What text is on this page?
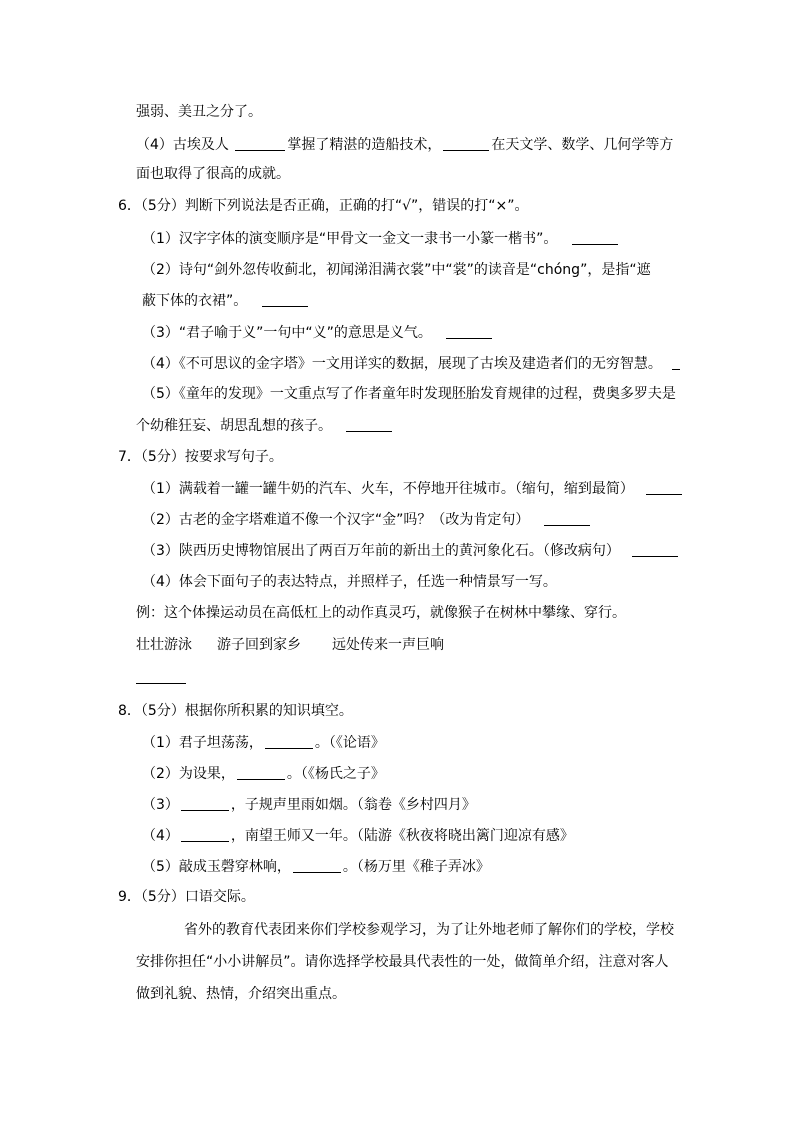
强弱、美丑之分了。
（4）古埃及人	掌握了精湛的造船技术，	在天文学、数学、几何学等方
面也取得了很高的成就。
6．（5分）判断下列说法是否正确，正确的打“√”，错误的打“×”。
（1）汉字字体的演变顺序是“甲骨文一金文一隶书一小篆一楷书”。
（2）诗句“剑外忽传收蓟北，初闻涕泪满衣裳”中“裳”的读音是“chóng”，是指“遮
蔽下体的衣裙”。
（3）“君子喻于义”一句中“义”的意思是义气。
（4）《不可思议的金字塔》一文用详实的数据，展现了古埃及建造者们的无穷智慧。
（5）《童年的发现》一文重点写了作者童年时发现胚胎发育规律的过程，费奥多罗夫是
个幼稚狂妄、胡思乱想的孩子。
7．（5分）按要求写句子。
（1）满载着一罐一罐牛奶的汽车、火车，不停地开往城市。（缩句，缩到最简）
（2）古老的金字塔难道不像一个汉字“金”吗？（改为肯定句）
（3）陕西历史博物馆展出了两百万年前的新出土的黄河象化石。（修改病句）
（4）体会下面句子的表达特点，并照样子，任选一种情景写一写。
例：这个体操运动员在高低杠上的动作真灵巧，就像猴子在树林中攀缘、穿行。
壮壮游泳 游子回到家乡 远处传来一声巨响
8．（5分）根据你所积累的知识填空。
（1）君子坦荡荡，	。（《论语》
（2）为设果，	。（《杨氏之子》
（3）	，子规声里雨如烟。（翁卷《乡村四月》
（4）	，南望王师又一年。（陆游《秋夜将晓出篱门迎凉有感》
（5）敲成玉磬穿林响，	。（杨万里《稚子弄冰》
9．（5分）口语交际。
省外的教育代表团来你们学校参观学习，为了让外地老师了解你们的学校，学校
安排你担任“小小讲解员”。请你选择学校最具代表性的一处，做简单介绍，注意对客人
做到礼貌、热情，介绍突出重点。
